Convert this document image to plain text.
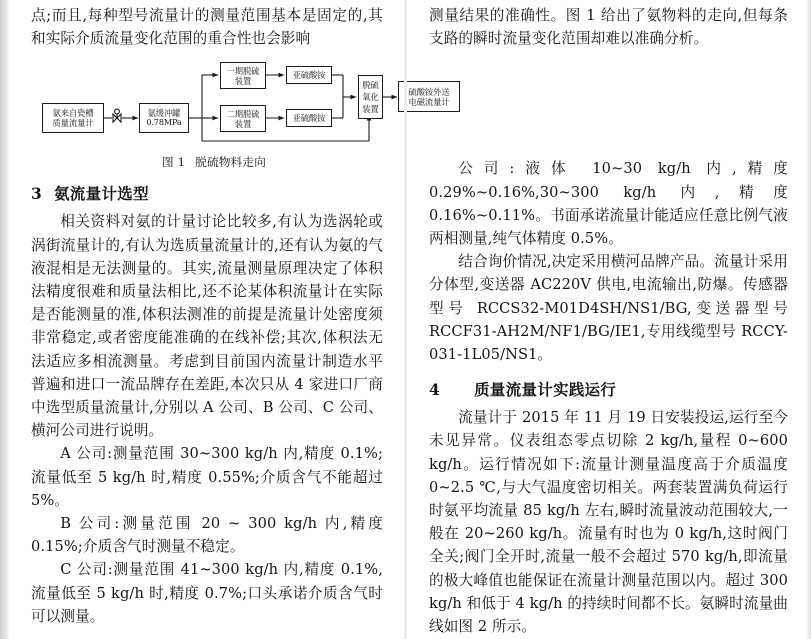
点;而且,每种型号流量计的测量范围基本是固定的,其和实际介质流量变化范围的重合性也会影响

氨来自瓷槽
质量流量计
氨缓冲罐
0.78MPa
一期脱硫
装置
二期脱硫
装置
亚硫酸铵
亚硫酸铵
脱硫
氧化
装置
硫酸铵外送
电磁流量计
图 1 脱硫物料走向
3 氨流量计选型

相关资料对氨的计量讨论比较多,有认为选涡轮或涡街流量计的,有认为选质量流量计的,还有认为氨的气液混相是无法测量的。其实,流量测量原理决定了体积法精度很难和质量法相比,还不论某体积流量计在实际是否能测量的准,体积法测准的前提是流量计处密度须非常稳定,或者密度能准确的在线补偿;其次,体积法无法适应多相流测量。考虑到目前国内流量计制造水平普遍和进口一流品牌存在差距,本次只从 4 家进口厂商中选型质量流量计,分别以 A 公司、B 公司、C 公司、横河公司进行说明。

A 公司:测量范围 30~300 kg/h 内,精度 0.1%;流量低至 5 kg/h 时,精度 0.55%;介质含气不能超过 5%。

B 公司:测量范围 20 ~ 300 kg/h 内,精度 0.15%;介质含气时测量不稳定。

C 公司:测量范围 41~300 kg/h 内,精度 0.1%,流量低至 5 kg/h 时,精度 0.7%;口头承诺介质含气时可以测量。

测量结果的准确性。图 1 给出了氨物料的走向,但每条支路的瞬时流量变化范围却难以准确分析。

公司:液体 10~30 kg/h 内,精度 0.29%~0.16%,30~300 kg/h 内,精度 0.16%~0.11%。书面承诺流量计能适应任意比例气液两相测量,纯气体精度 0.5%。

结合询价情况,决定采用横河品牌产品。流量计采用分体型,变送器 AC220V 供电,电流输出,防爆。传感器型号 RCCS32-M01D4SH/NS1/BG,变送器型号 RCCF31-AH2M/NF1/BG/IE1,专用线缆型号 RCCY-031-1L05/NS1。

4 质量流量计实践运行

流量计于 2015 年 11 月 19 日安装投运,运行至今未见异常。仪表组态零点切除 2 kg/h,量程 0~600 kg/h。运行情况如下:流量计测量温度高于介质温度 0~2.5 ℃,与大气温度密切相关。两套装置满负荷运行时氨平均流量 85 kg/h 左右,瞬时流量波动范围较大,一般在 20~260 kg/h。流量有时也为 0 kg/h,这时阀门全关;阀门全开时,流量一般不会超过 570 kg/h,即流量的极大峰值也能保证在流量计测量范围以内。超过 300 kg/h 和低于 4 kg/h 的持续时间都不长。氨瞬时流量曲线如图 2 所示。
